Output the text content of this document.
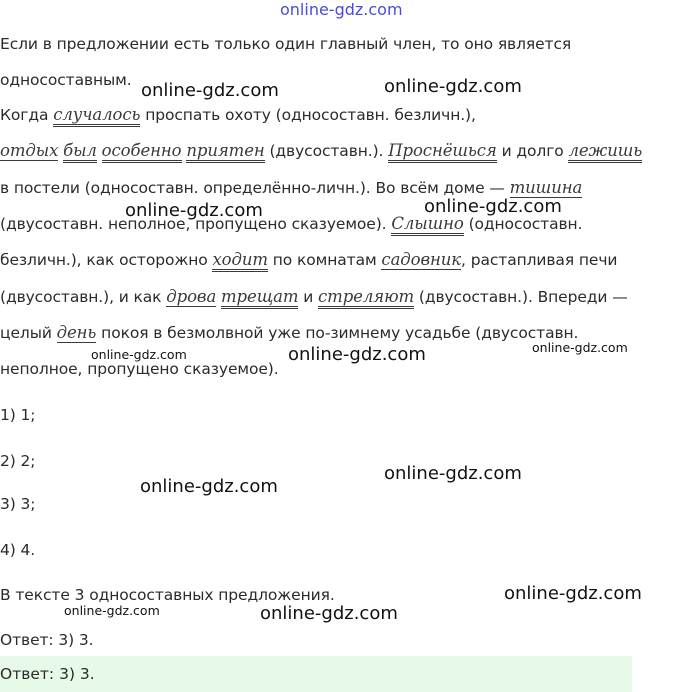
online-gdz.com
Если в предложении есть только один главный член, то оно является
односоставным.
Когда случалось проспать охоту (односоставн. безличн.),
отдых был особенно приятен (двусоставн.). Проснёшься и долго лежишь
в постели (односоставн. определённо-личн.). Во всём доме — тишина
(двусоставн. неполное, пропущено сказуемое). Слышно (односоставн.
безличн.), как осторожно ходит по комнатам садовник, растапливая печи
(двусоставн.), и как дрова трещат и стреляют (двусоставн.). Впереди —
целый день покоя в безмолвной уже по-зимнему усадьбе (двусоставн.
неполное, пропущено сказуемое).
1) 1;
2) 2;
3) 3;
4) 4.
В тексте 3 односоставных предложения.
Ответ: 3) 3.
Ответ: 3) 3.
online-gdz.com	online-gdz.com
online-gdz.com	online-gdz.com
online-gdz.com	online-gdz.com	online-gdz.com
online-gdz.com
online-gdz.com
online-gdz.com
online-gdz.com	online-gdz.com
